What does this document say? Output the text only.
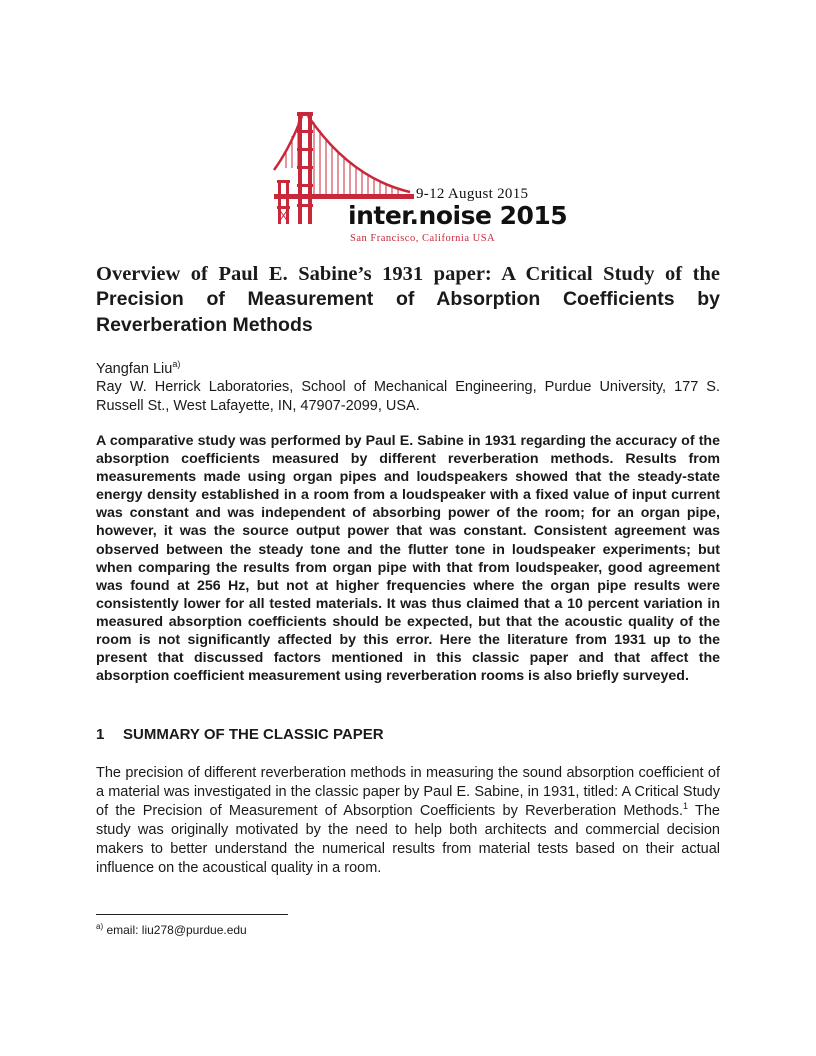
9-12 August 2015
inter.noise 2015
San Francisco, California USA
Overview of Paul E. Sabine’s 1931 paper: A Critical Study of the
Precision of Measurement of Absorption Coefficients by
Reverberation Methods
Yangfan Liu$^{a)}$
Ray W. Herrick Laboratories, School of Mechanical Engineering, Purdue University, 177 S. Russell St., West Lafayette, IN, 47907-2099, USA.

A comparative study was performed by Paul E. Sabine in 1931 regarding the accuracy of the absorption coefficients measured by different reverberation methods. Results from measurements made using organ pipes and loudspeakers showed that the steady-state energy density established in a room from a loudspeaker with a fixed value of input current was constant and was independent of absorbing power of the room; for an organ pipe, however, it was the source output power that was constant. Consistent agreement was observed between the steady tone and the flutter tone in loudspeaker experiments; but when comparing the results from organ pipe with that from loudspeaker, good agreement was found at 256 Hz, but not at higher frequencies where the organ pipe results were consistently lower for all tested materials. It was thus claimed that a 10 percent variation in measured absorption coefficients should be expected, but that the acoustic quality of the room is not significantly affected by this error. Here the literature from 1931 up to the present that discussed factors mentioned in this classic paper and that affect the absorption coefficient measurement using reverberation rooms is also briefly surveyed.

1 SUMMARY OF THE CLASSIC PAPER

The precision of different reverberation methods in measuring the sound absorption coefficient of a material was investigated in the classic paper by Paul E. Sabine, in 1931, titled: A Critical Study of the Precision of Measurement of Absorption Coefficients by Reverberation Methods.$^1$ The study was originally motivated by the need to help both architects and commercial decision makers to better understand the numerical results from material tests based on their actual influence on the acoustical quality in a room.

$^{a)}$ email: liu278@purdue.edu
